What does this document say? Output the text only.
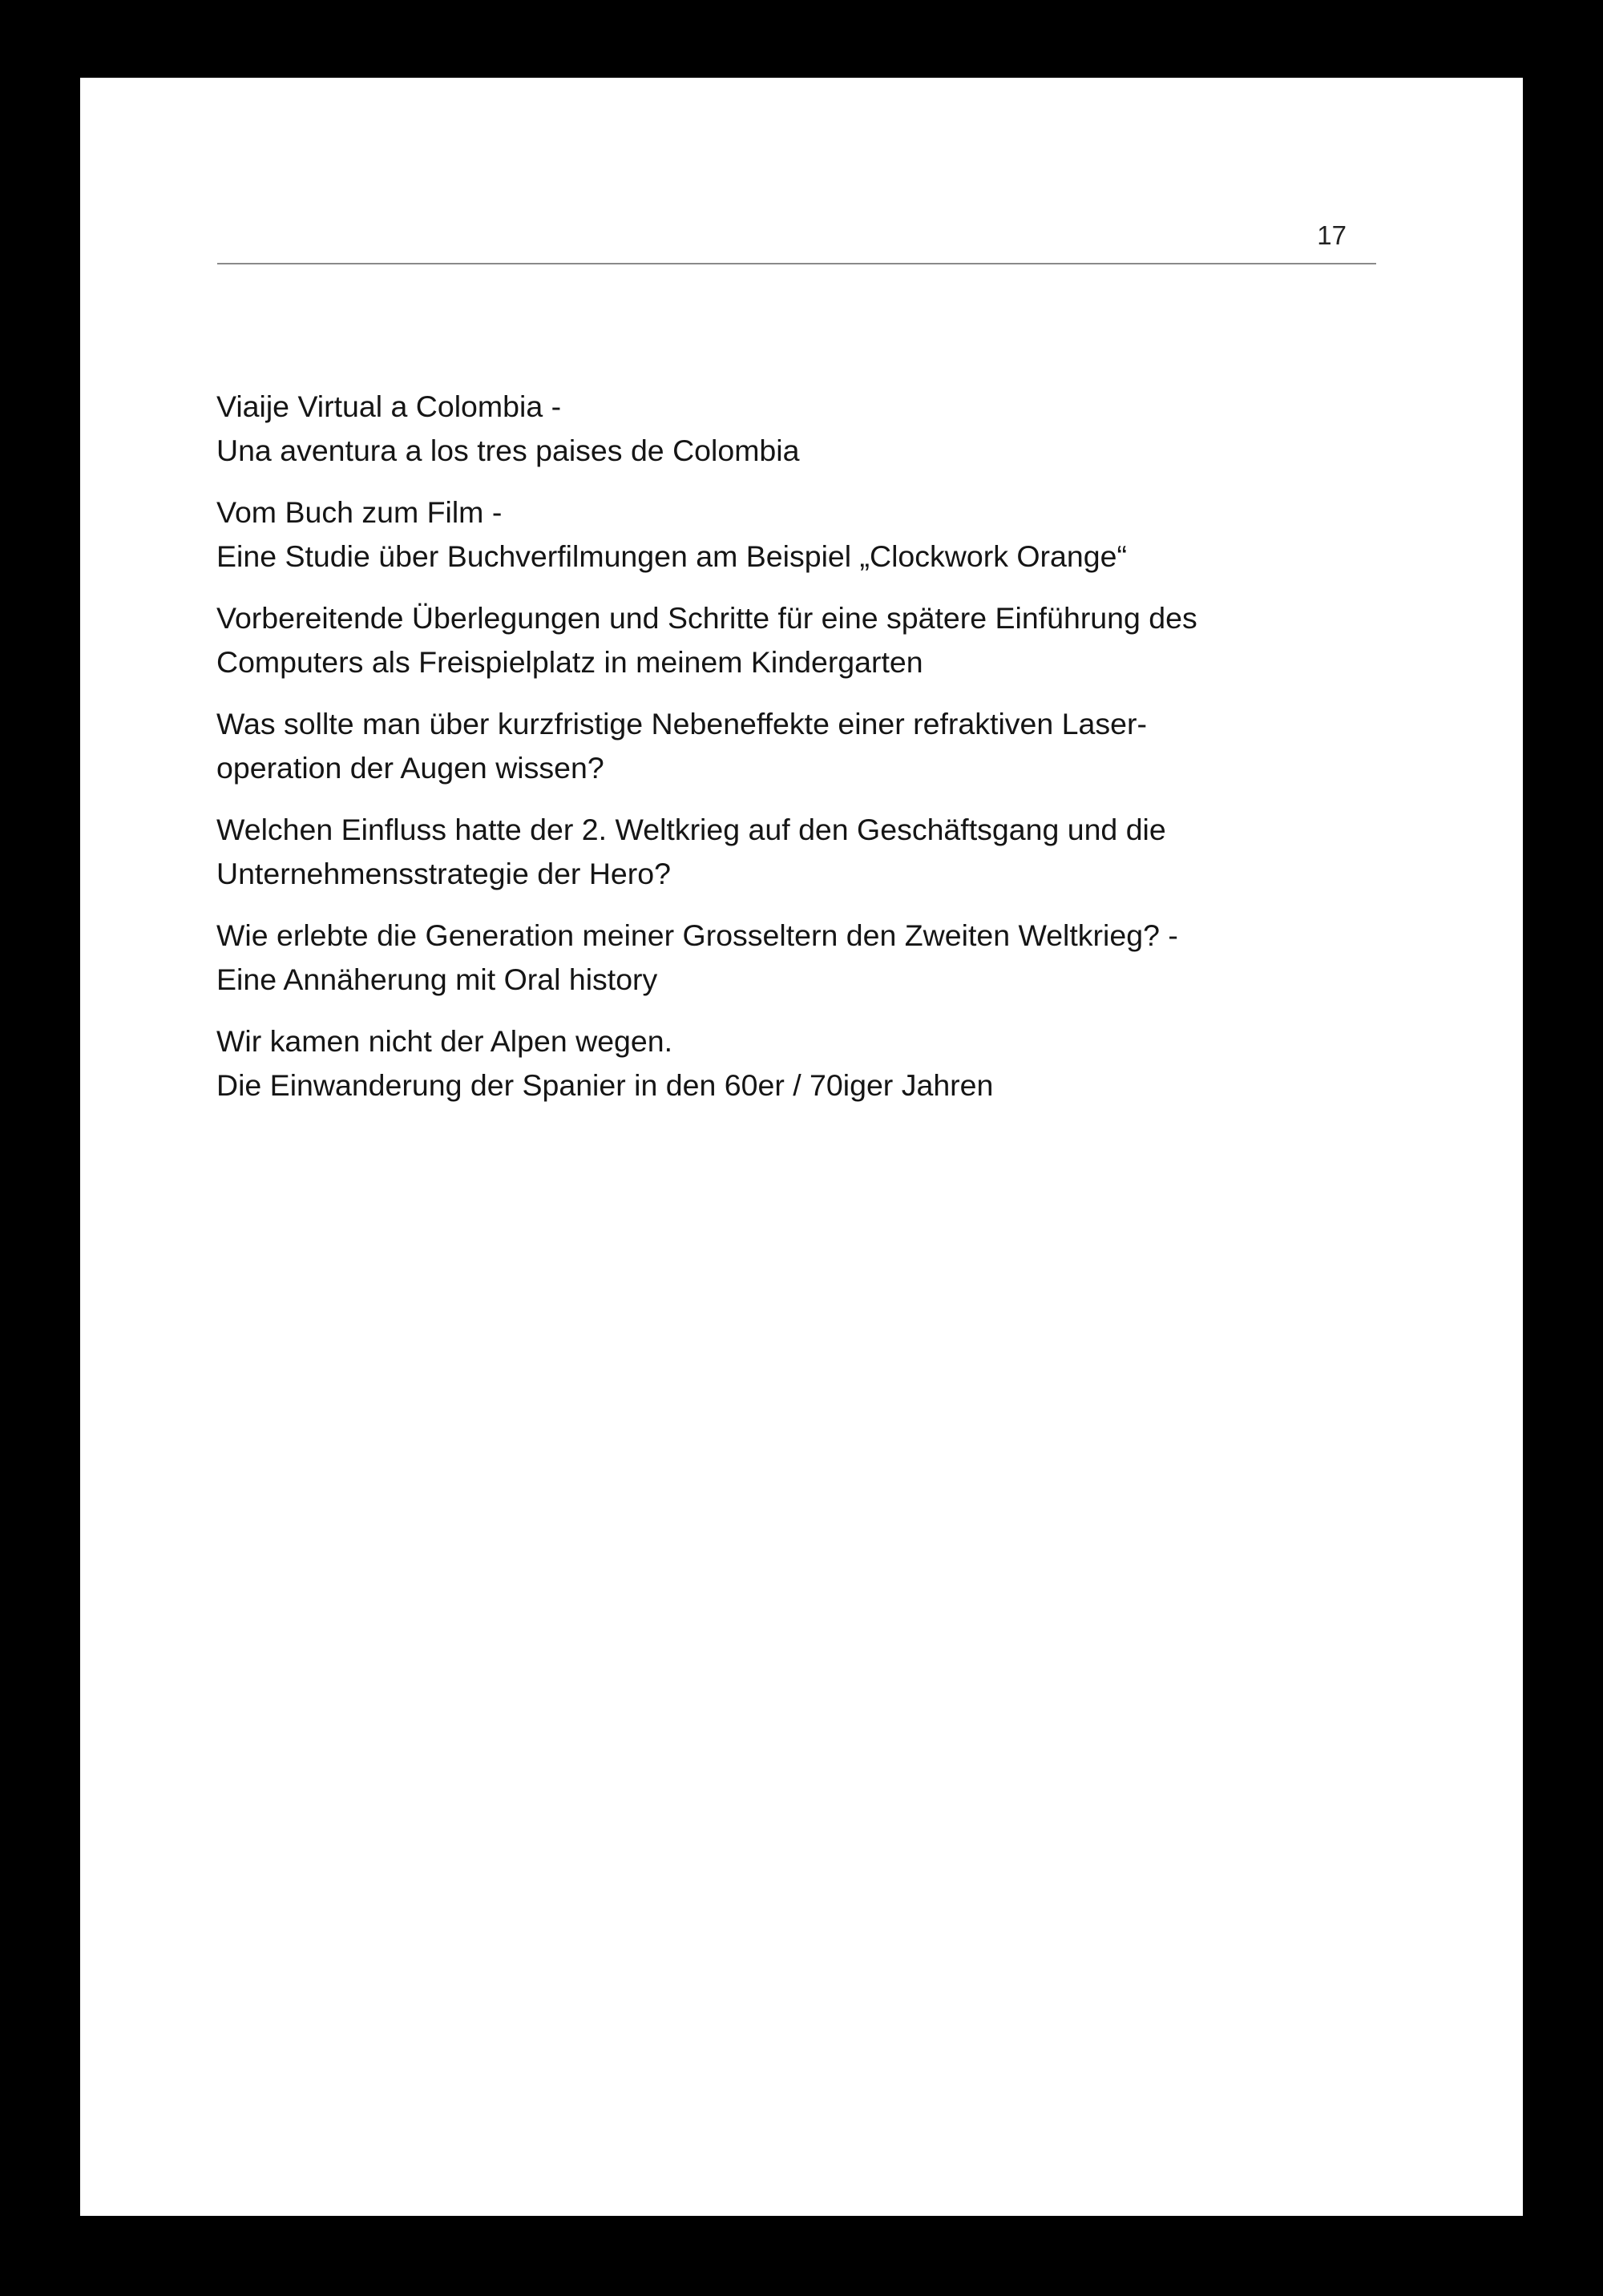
17
Viaije Virtual a Colombia -
Una aventura a los tres paises de Colombia
Vom Buch zum Film -
Eine Studie über Buchverfilmungen am Beispiel „Clockwork Orange“
Vorbereitende Überlegungen und Schritte für eine spätere Einführung des
Computers als Freispielplatz in meinem Kindergarten
Was sollte man über kurzfristige Nebeneffekte einer refraktiven Laser-
operation der Augen wissen?
Welchen Einfluss hatte der 2. Weltkrieg auf den Geschäftsgang und die
Unternehmensstrategie der Hero?
Wie erlebte die Generation meiner Grosseltern den Zweiten Weltkrieg? -
Eine Annäherung mit Oral history
Wir kamen nicht der Alpen wegen.
Die Einwanderung der Spanier in den 60er / 70iger Jahren
